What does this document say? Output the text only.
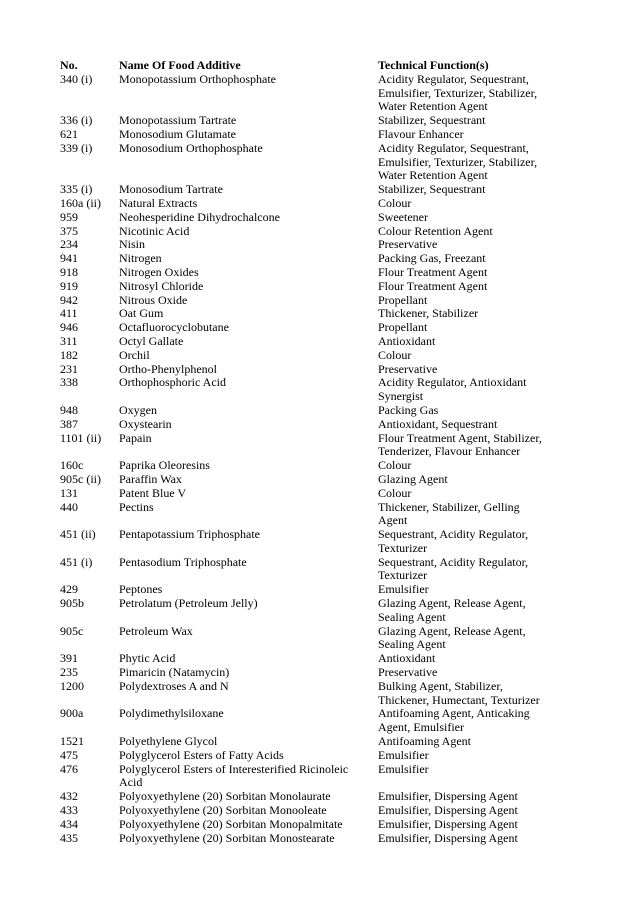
No.	Name Of Food Additive	Technical Function(s)
340 (i)	Monopotassium Orthophosphate	Acidity Regulator, Sequestrant, Emulsifier, Texturizer, Stabilizer, Water Retention Agent
336 (i)	Monopotassium Tartrate	Stabilizer, Sequestrant
621	Monosodium Glutamate	Flavour Enhancer
339 (i)	Monosodium Orthophosphate	Acidity Regulator, Sequestrant, Emulsifier, Texturizer, Stabilizer, Water Retention Agent
335 (i)	Monosodium Tartrate	Stabilizer, Sequestrant
160a (ii)	Natural Extracts	Colour
959	Neohesperidine Dihydrochalcone	Sweetener
375	Nicotinic Acid	Colour Retention Agent
234	Nisin	Preservative
941	Nitrogen	Packing Gas, Freezant
918	Nitrogen Oxides	Flour Treatment Agent
919	Nitrosyl Chloride	Flour Treatment Agent
942	Nitrous Oxide	Propellant
411	Oat Gum	Thickener, Stabilizer
946	Octafluorocyclobutane	Propellant
311	Octyl Gallate	Antioxidant
182	Orchil	Colour
231	Ortho-Phenylphenol	Preservative
338	Orthophosphoric Acid	Acidity Regulator, Antioxidant Synergist
948	Oxygen	Packing Gas
387	Oxystearin	Antioxidant, Sequestrant
1101 (ii)	Papain	Flour Treatment Agent, Stabilizer, Tenderizer, Flavour Enhancer
160c	Paprika Oleoresins	Colour
905c (ii)	Paraffin Wax	Glazing Agent
131	Patent Blue V	Colour
440	Pectins	Thickener, Stabilizer, Gelling Agent
451 (ii)	Pentapotassium Triphosphate	Sequestrant, Acidity Regulator, Texturizer
451 (i)	Pentasodium Triphosphate	Sequestrant, Acidity Regulator, Texturizer
429	Peptones	Emulsifier
905b	Petrolatum (Petroleum Jelly)	Glazing Agent, Release Agent, Sealing Agent
905c	Petroleum Wax	Glazing Agent, Release Agent, Sealing Agent
391	Phytic Acid	Antioxidant
235	Pimaricin (Natamycin)	Preservative
1200	Polydextroses A and N	Bulking Agent, Stabilizer, Thickener, Humectant, Texturizer
900a	Polydimethylsiloxane	Antifoaming Agent, Anticaking Agent, Emulsifier
1521	Polyethylene Glycol	Antifoaming Agent
475	Polyglycerol Esters of Fatty Acids	Emulsifier
476	Polyglycerol Esters of Interesterified Ricinoleic Acid	Emulsifier
432	Polyoxyethylene (20) Sorbitan Monolaurate	Emulsifier, Dispersing Agent
433	Polyoxyethylene (20) Sorbitan Monooleate	Emulsifier, Dispersing Agent
434	Polyoxyethylene (20) Sorbitan Monopalmitate	Emulsifier, Dispersing Agent
435	Polyoxyethylene (20) Sorbitan Monostearate	Emulsifier, Dispersing Agent
